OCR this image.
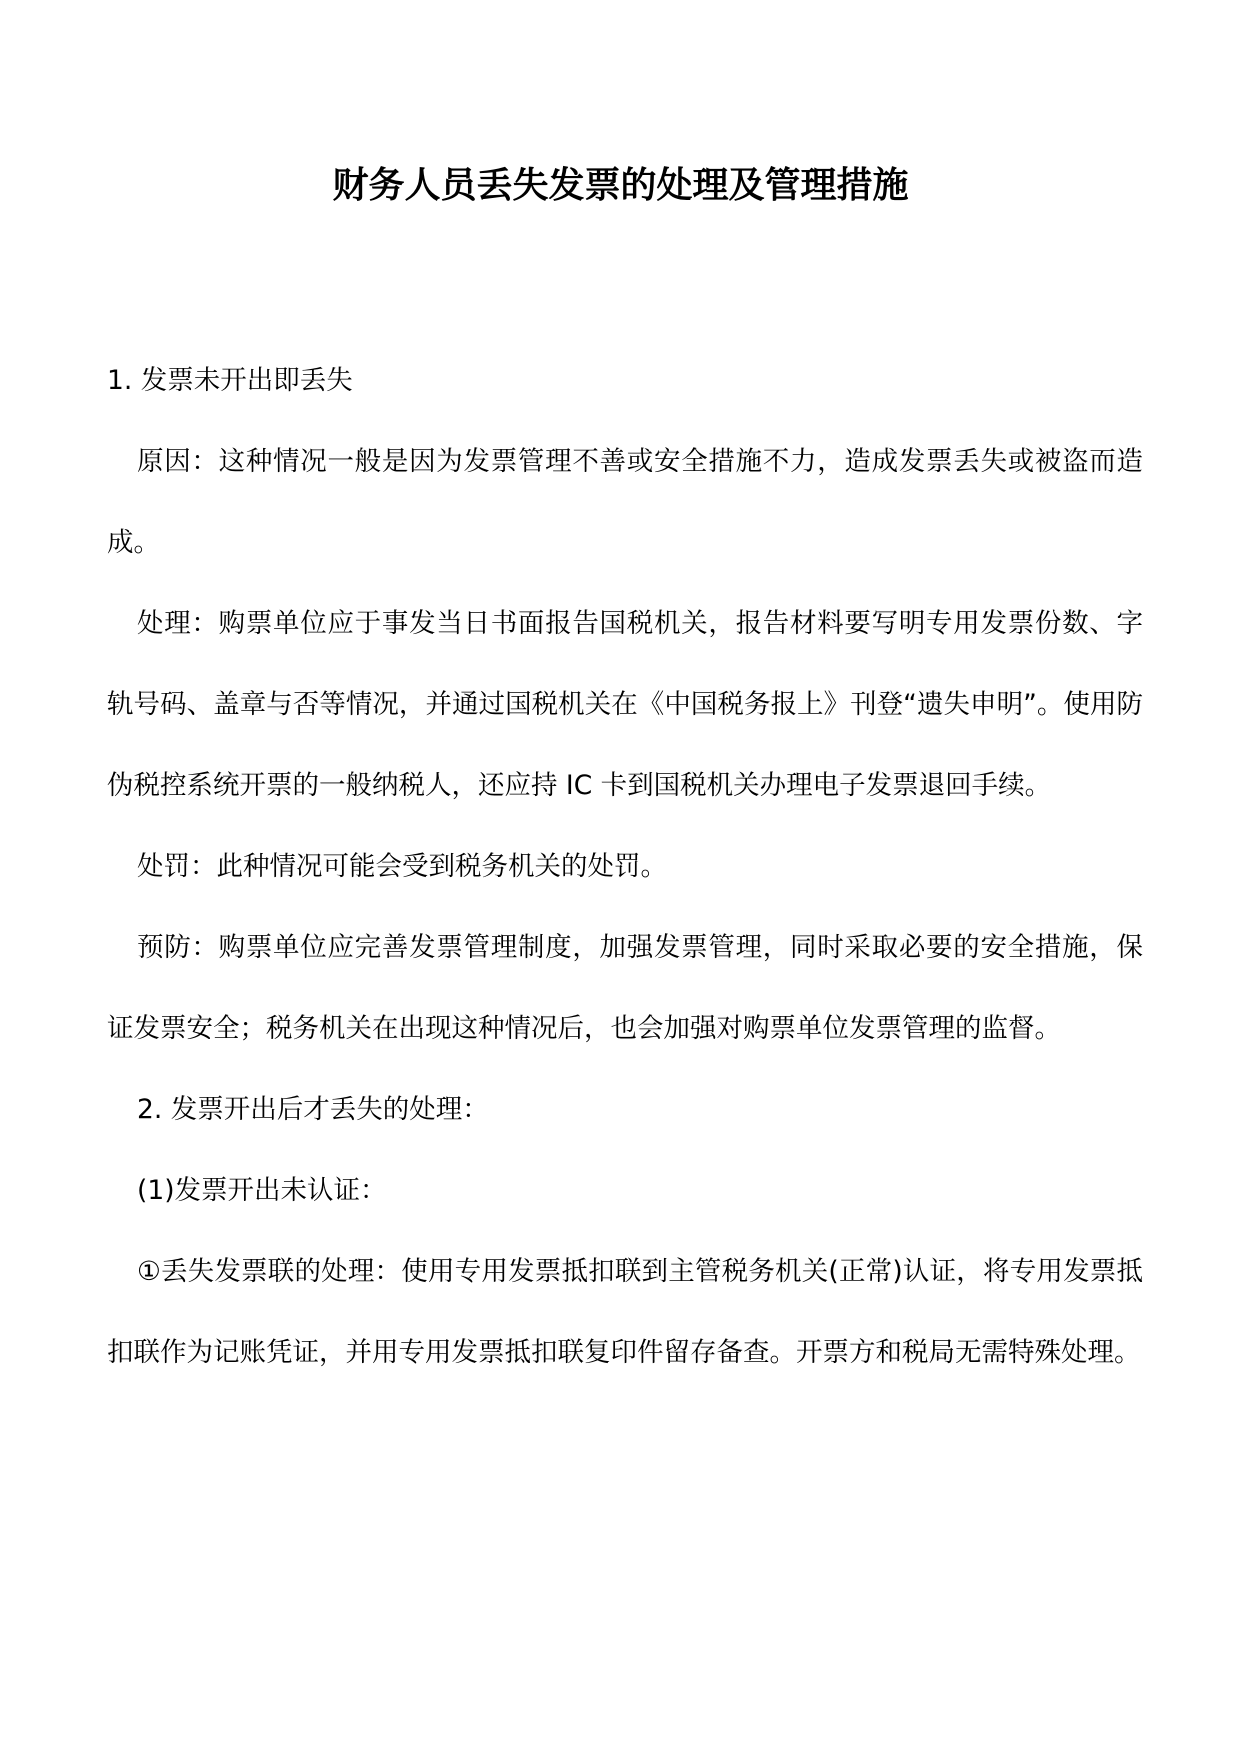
财务人员丢失发票的处理及管理措施

1. 发票未开出即丢失

原因：这种情况一般是因为发票管理不善或安全措施不力，造成发票丢失或被盗而造成。

处理：购票单位应于事发当日书面报告国税机关，报告材料要写明专用发票份数、字轨号码、盖章与否等情况，并通过国税机关在《中国税务报上》刊登“遗失申明”。使用防伪税控系统开票的一般纳税人，还应持 IC 卡到国税机关办理电子发票退回手续。

处罚：此种情况可能会受到税务机关的处罚。

预防：购票单位应完善发票管理制度，加强发票管理，同时采取必要的安全措施，保证发票安全；税务机关在出现这种情况后，也会加强对购票单位发票管理的监督。

2. 发票开出后才丢失的处理：

(1)发票开出未认证：

①丢失发票联的处理：使用专用发票抵扣联到主管税务机关(正常)认证，将专用发票抵扣联作为记账凭证，并用专用发票抵扣联复印件留存备查。开票方和税局无需特殊处理。
